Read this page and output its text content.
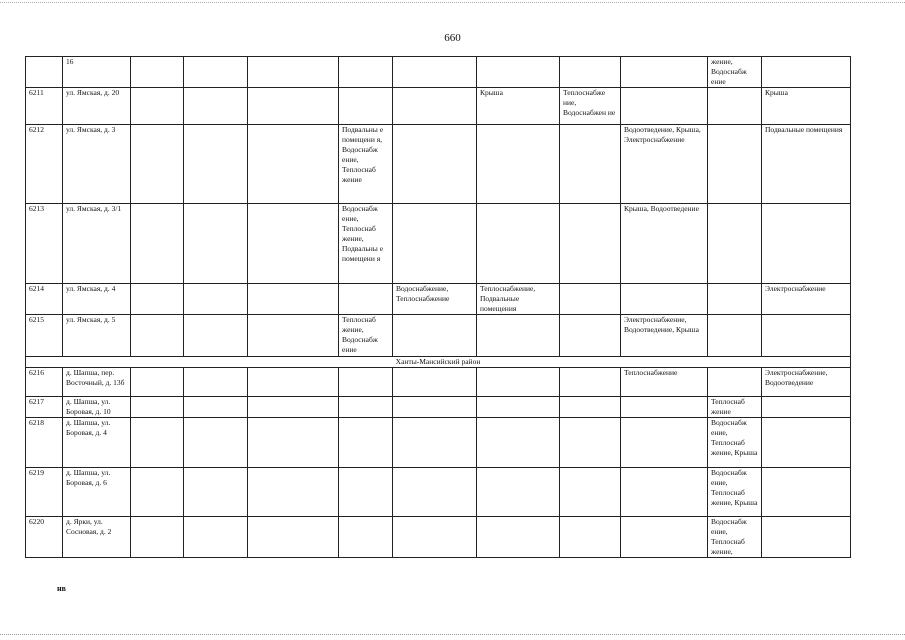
660
	16									жение, Водоснабж ение	
6211	ул. Ямская, д. 20						Крыша	Теплоснабже ние, Водоснабжен ие			Крыша
6212	ул. Ямская, д. 3				Подвальны е помещени я, Водоснабж ение, Теплоснаб жение				Водоотведение, Крыша, Электроснабжение		Подвальные помещения
6213	ул. Ямская, д. 3/1				Водоснабж ение, Теплоснаб жение, Подвальны е помещени я				Крыша, Водоотведение		
6214	ул. Ямская, д. 4					Водоснабжение, Теплоснабжение	Теплоснабжение, Подвальные помещения				Электроснабжение
6215	ул. Ямская, д. 5				Теплоснаб жение, Водоснабж ение				Электроснабжение, Водоотведение, Крыша		
Ханты-Мансийский район											
6216	д. Шапша, пер. Восточный, д. 13б								Теплоснабжение		Электроснабжение, Водоотведение
6217	д. Шапша, ул. Боровая, д. 10									Теплоснаб жение	
6218	д. Шапша, ул. Боровая, д. 4									Водоснабж ение, Теплоснаб жение, Крыша	
6219	д. Шапша, ул. Боровая, д. 6									Водоснабж ение, Теплоснаб жение, Крыша	
6220	д. Ярки, ул. Сосновая, д. 2									Водоснабж ение, Теплоснаб жение,	
нв
